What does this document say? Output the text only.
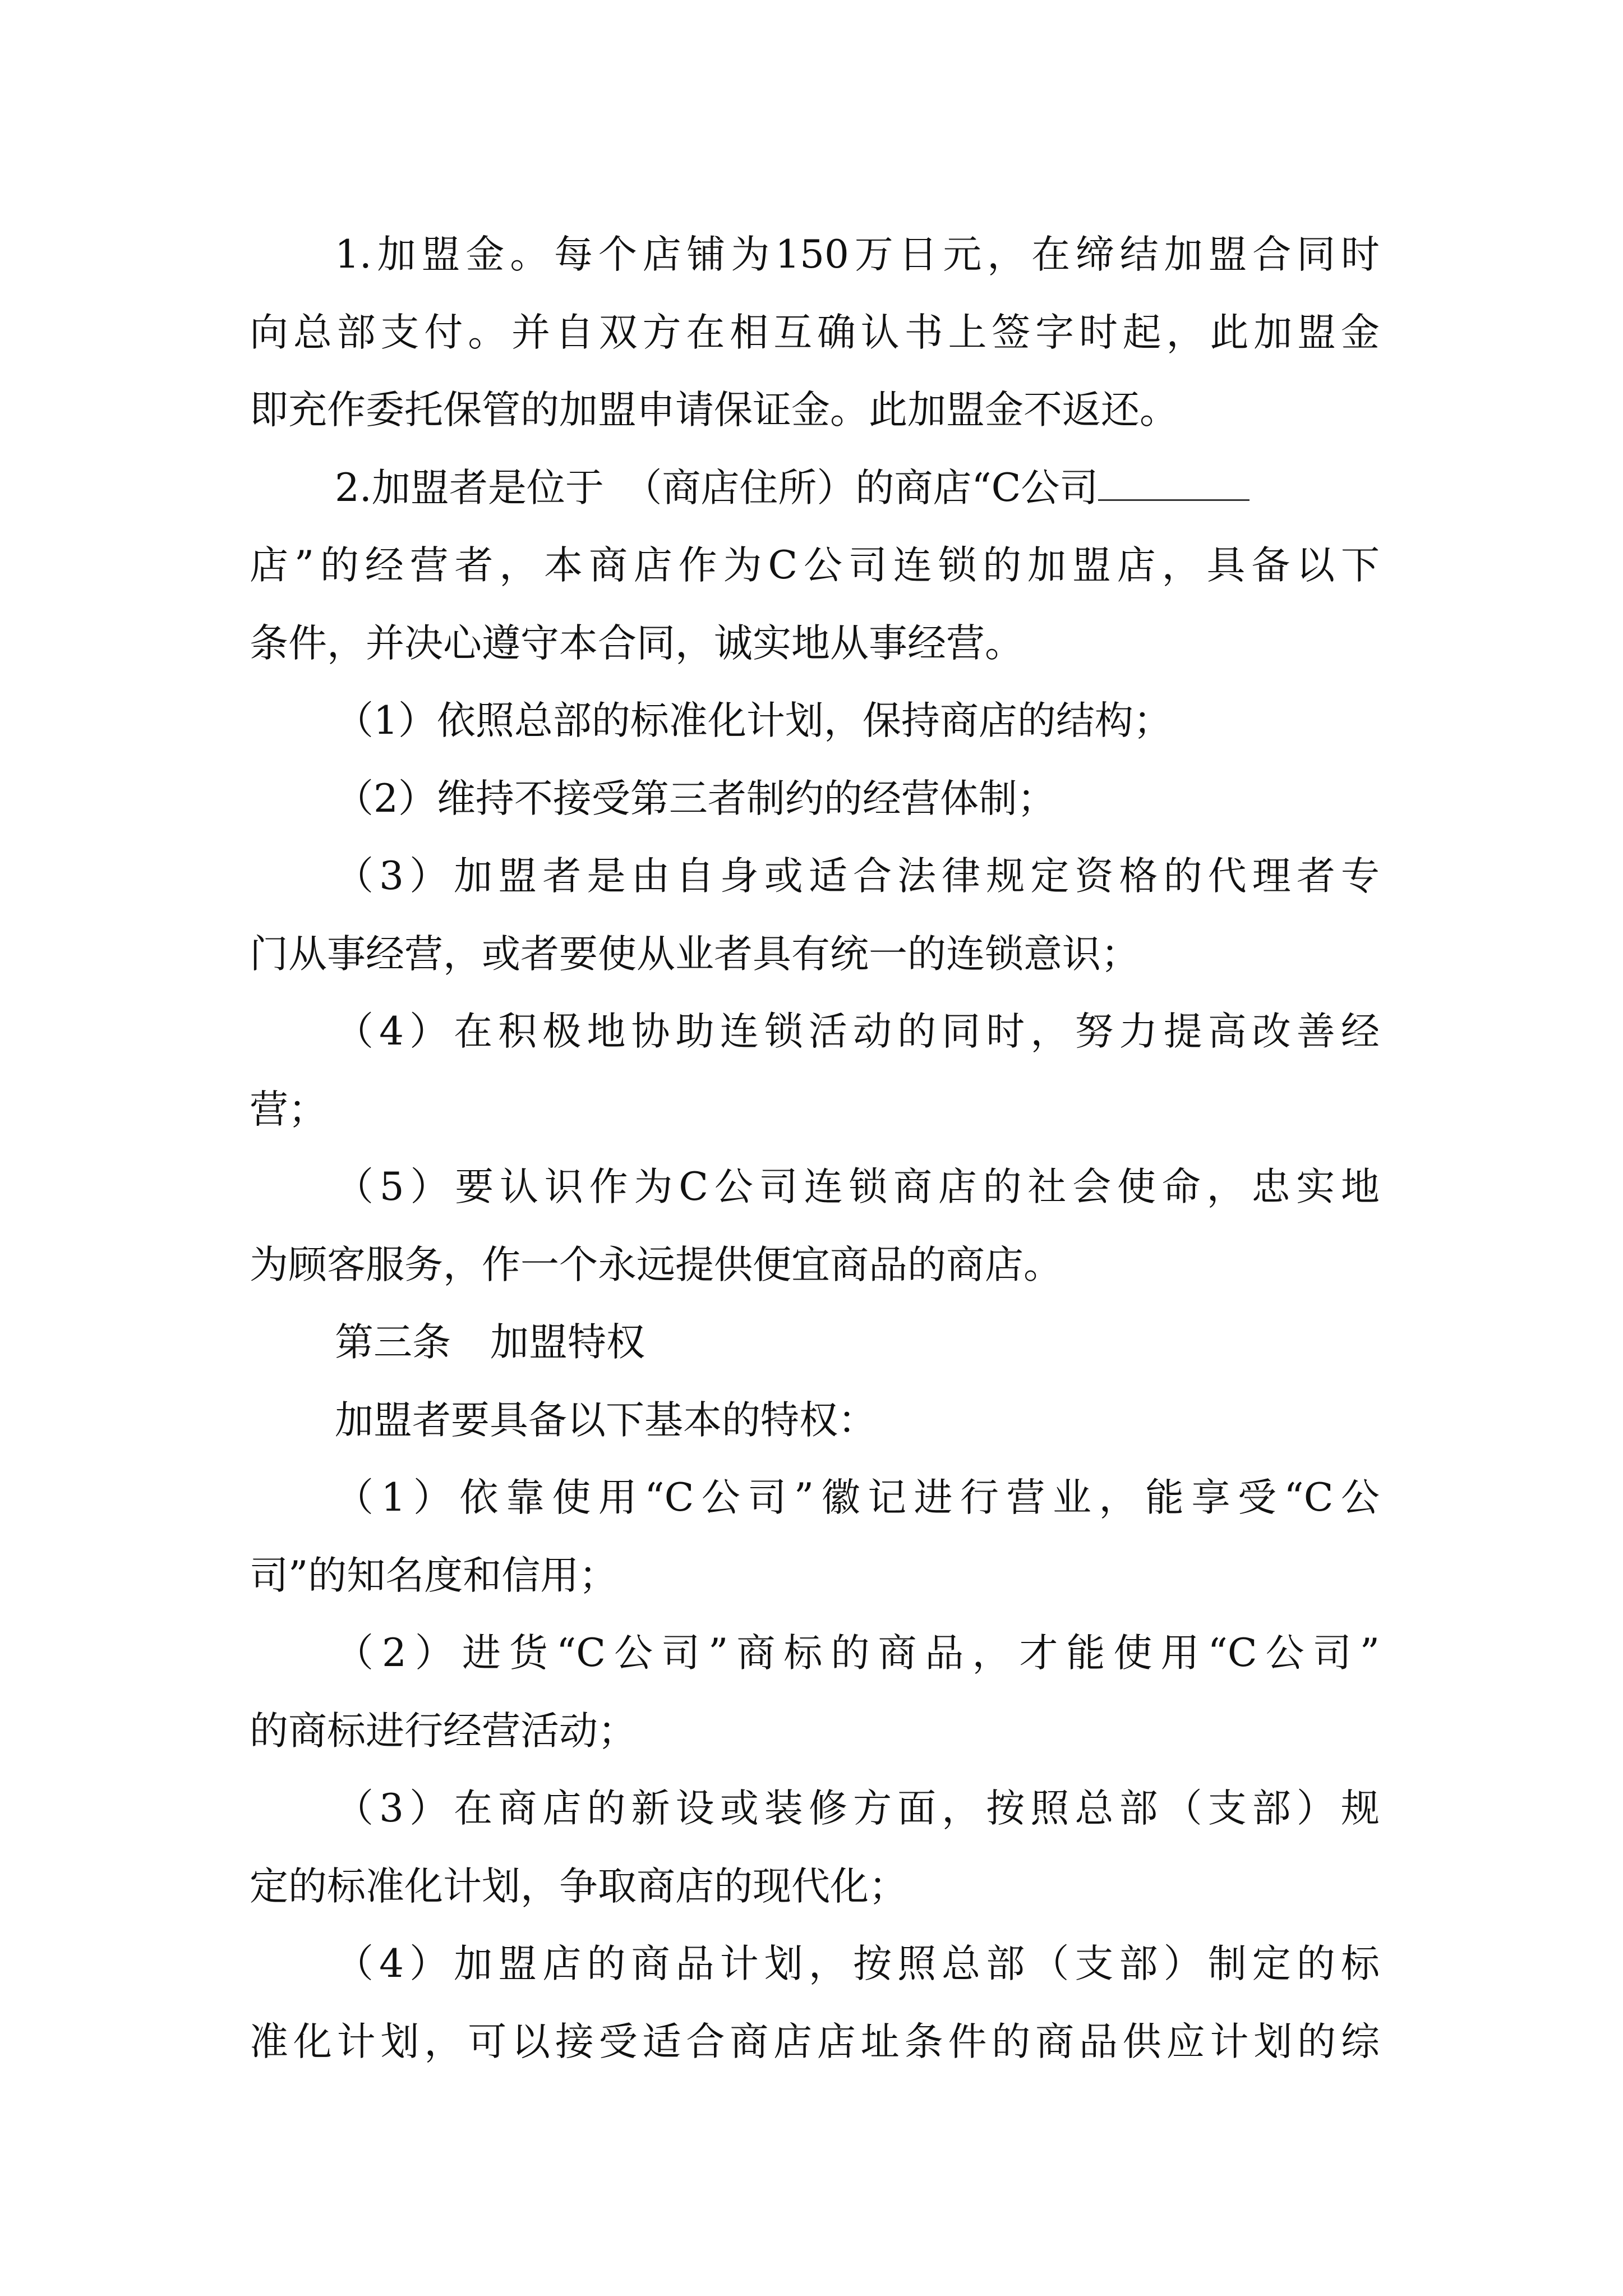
1.加盟金。每个店铺为150万日元，在缔结加盟合同时
向总部支付。并自双方在相互确认书上签字时起，此加盟金
即充作委托保管的加盟申请保证金。此加盟金不返还。
2.加盟者是位于　（商店住所）的商店“C公司
店”的经营者，本商店作为C公司连锁的加盟店，具备以下
条件，并决心遵守本合同，诚实地从事经营。
（1）依照总部的标准化计划，保持商店的结构；
（2）维持不接受第三者制约的经营体制；
（3）加盟者是由自身或适合法律规定资格的代理者专
门从事经营，或者要使从业者具有统一的连锁意识；
（4）在积极地协助连锁活动的同时，努力提高改善经
营；
（5）要认识作为C公司连锁商店的社会使命，忠实地
为顾客服务，作一个永远提供便宜商品的商店。
第三条 加盟特权
加盟者要具备以下基本的特权：
（1）依靠使用“C公司”徽记进行营业，能享受“C公
司”的知名度和信用；
（2）进货“C公司”商标的商品，才能使用“C公司”
的商标进行经营活动；
（3）在商店的新设或装修方面，按照总部（支部）规
定的标准化计划，争取商店的现代化；
（4）加盟店的商品计划，按照总部（支部）制定的标
准化计划，可以接受适合商店店址条件的商品供应计划的综
